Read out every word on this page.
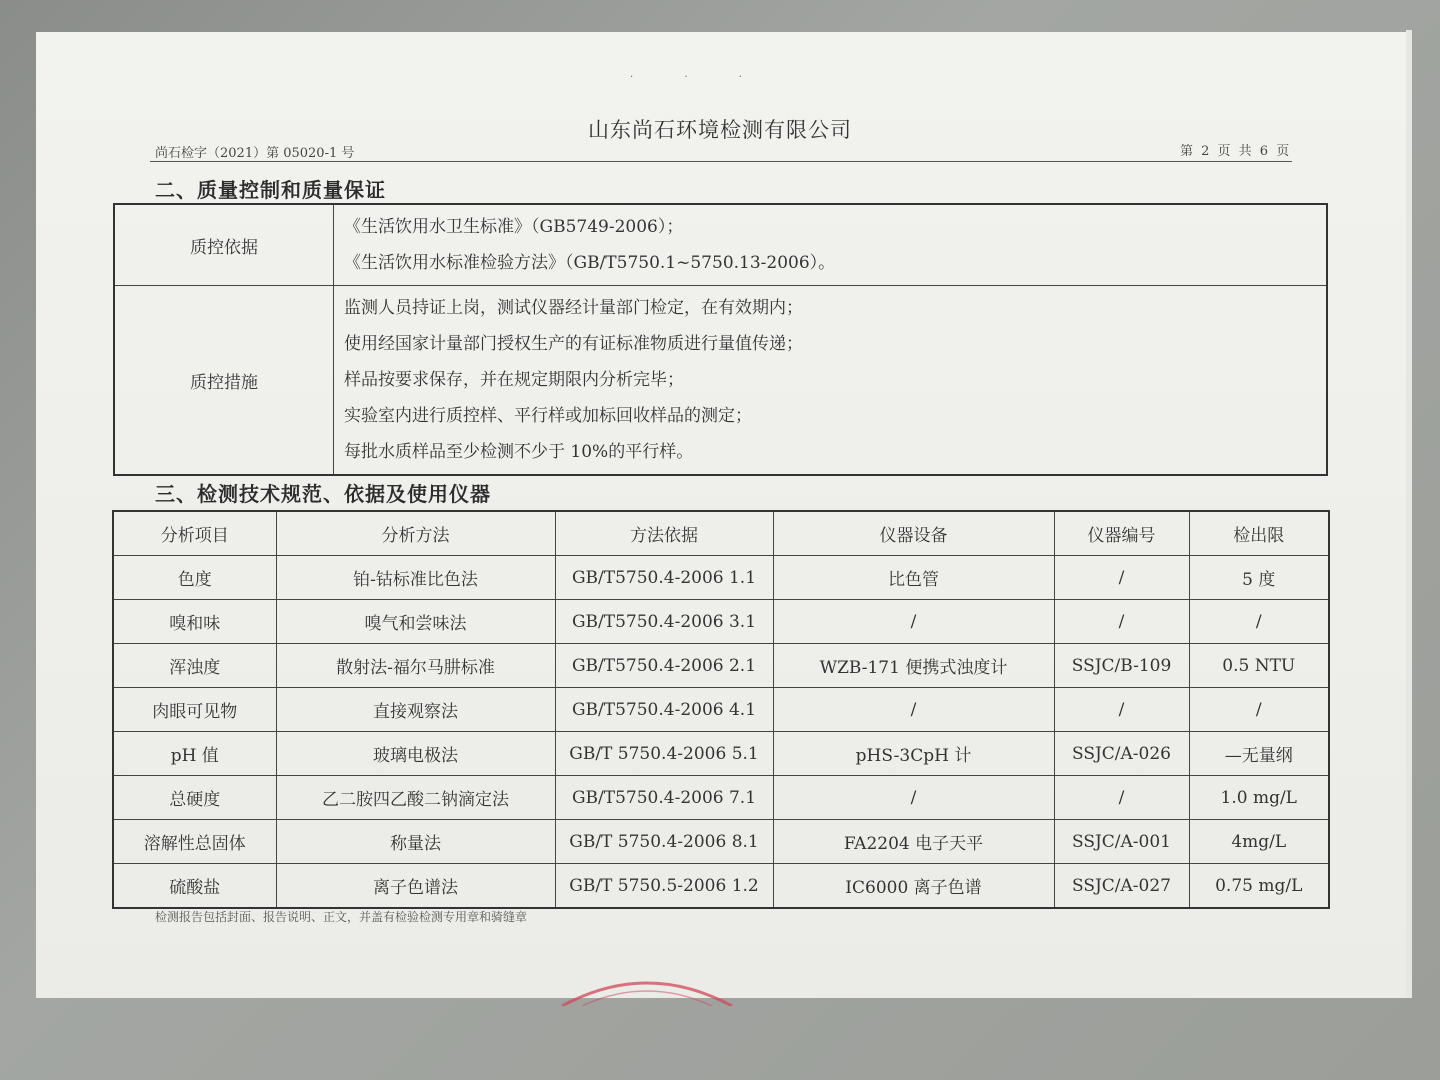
· · ·
山东尚石环境检测有限公司
尚石检字（2021）第 05020-1 号	第 2 页 共 6 页
二、质量控制和质量保证
质控依据	《生活饮用水卫生标准》（GB5749-2006）；
《生活饮用水标准检验方法》（GB/T5750.1~5750.13-2006）。

质控措施	监测人员持证上岗，测试仪器经计量部门检定，在有效期内；
使用经国家计量部门授权生产的有证标准物质进行量值传递；
样品按要求保存，并在规定期限内分析完毕；
实验室内进行质控样、平行样或加标回收样品的测定；
每批水质样品至少检测不少于 10%的平行样。
三、检测技术规范、依据及使用仪器
分析项目	分析方法	方法依据	仪器设备	仪器编号	检出限
色度	铂-钴标准比色法	GB/T5750.4-2006 1.1	比色管	/	5 度
嗅和味	嗅气和尝味法	GB/T5750.4-2006 3.1	/	/	/
浑浊度	散射法-福尔马肼标准	GB/T5750.4-2006 2.1	WZB-171 便携式浊度计	SSJC/B-109	0.5 NTU
肉眼可见物	直接观察法	GB/T5750.4-2006 4.1	/	/	/
pH 值	玻璃电极法	GB/T 5750.4-2006 5.1	pHS-3CpH 计	SSJC/A-026	—无量纲
总硬度	乙二胺四乙酸二钠滴定法	GB/T5750.4-2006 7.1	/	/	1.0 mg/L
溶解性总固体	称量法	GB/T 5750.4-2006 8.1	FA2204 电子天平	SSJC/A-001	4mg/L
硫酸盐	离子色谱法	GB/T 5750.5-2006 1.2	IC6000 离子色谱	SSJC/A-027	0.75 mg/L
检测报告包括封面、报告说明、正文，并盖有检验检测专用章和骑缝章
